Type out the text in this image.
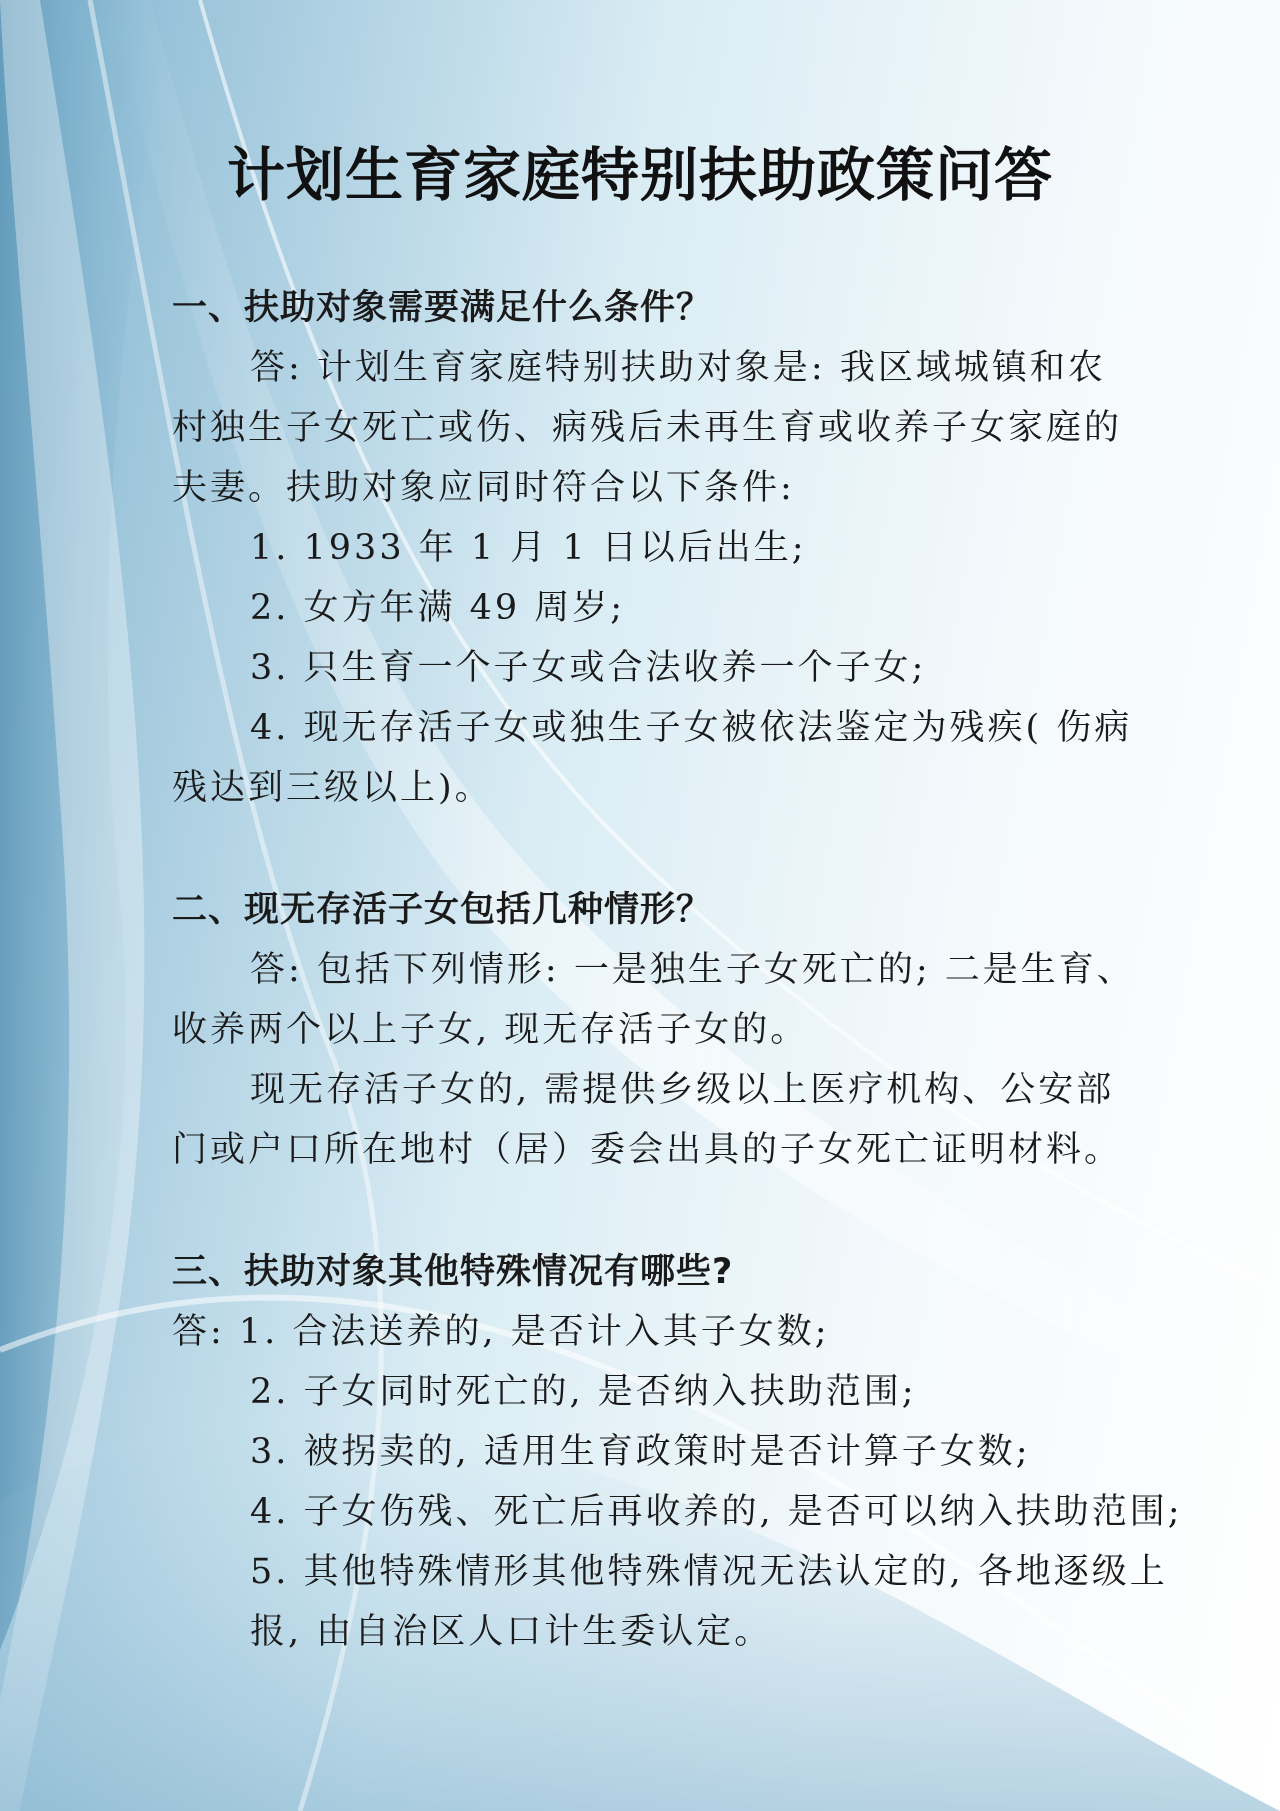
计划生育家庭特别扶助政策问答
一、扶助对象需要满足什么条件？
答: 计划生育家庭特别扶助对象是: 我区域城镇和农
村独生子女死亡或伤、病残后未再生育或收养子女家庭的
夫妻。扶助对象应同时符合以下条件:
1. 1933 年 1 月 1 日以后出生;
2. 女方年满 49 周岁;
3. 只生育一个子女或合法收养一个子女;
4. 现无存活子女或独生子女被依法鉴定为残疾( 伤病
残达到三级以上)。
二、现无存活子女包括几种情形？
答: 包括下列情形: 一是独生子女死亡的; 二是生育、
收养两个以上子女, 现无存活子女的。
现无存活子女的, 需提供乡级以上医疗机构、公安部
门或户口所在地村（居）委会出具的子女死亡证明材料。
三、扶助对象其他特殊情况有哪些?
答: 1. 合法送养的, 是否计入其子女数;
2. 子女同时死亡的, 是否纳入扶助范围;
3. 被拐卖的, 适用生育政策时是否计算子女数;
4. 子女伤残、死亡后再收养的, 是否可以纳入扶助范围;
5. 其他特殊情形其他特殊情况无法认定的, 各地逐级上
报, 由自治区人口计生委认定。
